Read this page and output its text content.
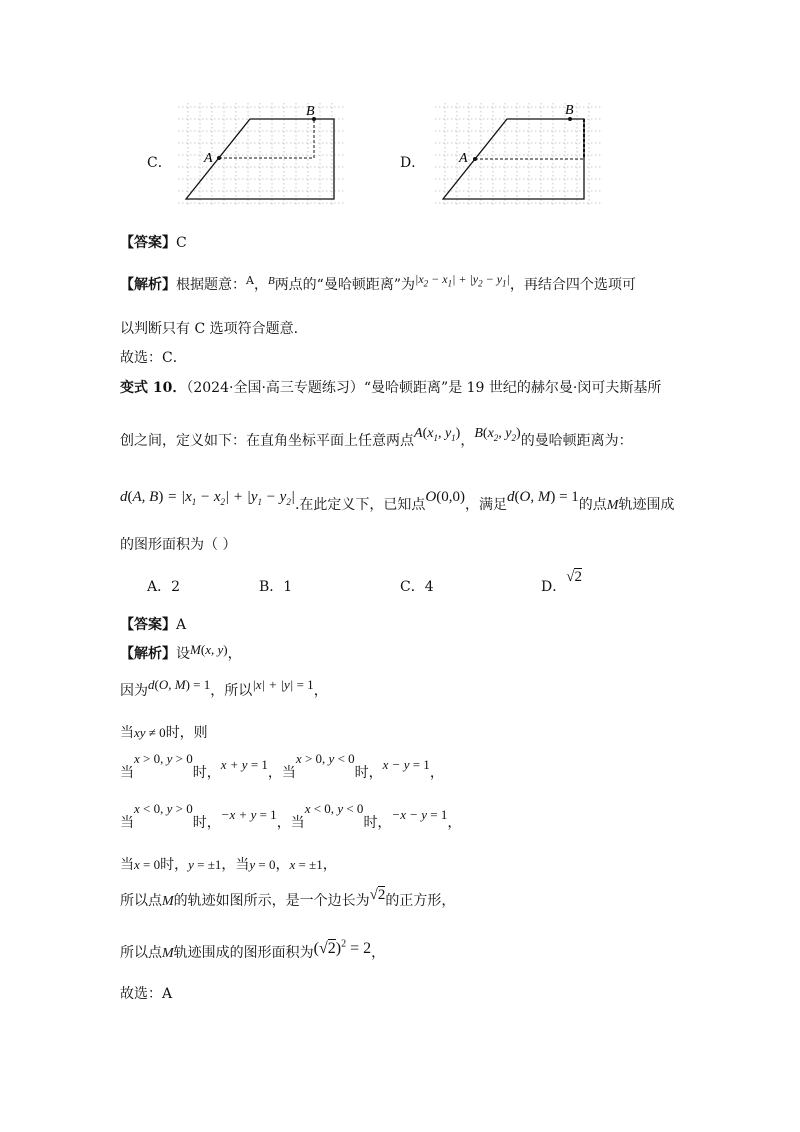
C． A
B
D． A
B
【答案】C
【解析】根据题意：$^A$，$^B$两点的“曼哈顿距离”为$|x_2 - x_1| + |y_2 - y_1|$，再结合四个选项可
以判断只有 C 选项符合题意.
故选：C．
变式 10．（2024·全国·高三专题练习）“曼哈顿距离”是 19 世纪的赫尔曼·闵可夫斯基所
创之间，定义如下：在直角坐标平面上任意两点$A(x_1$, $y_1$)，$B(x_2$, $y_2$)的曼哈顿距离为：
d(A, $B) = |x_1 - x_2| + |y_1 - y_2|$.在此定义下，已知点O(0,0)，满足d(O, M) = 1的点M轨迹围成
的图形面积为（ ）
A．2	B．1	C．4	D．√2
【答案】A
【解析】设M(x, y)，
因为d(O, M) = 1，所以|x| + |y| = 1，
当xy ≠ 0时，则
当x > 0, y > 0时，x + y = 1，当x > 0, y < 0时，x − y = 1，
当x < 0, y > 0时，−x + y = 1，当x < 0, y < 0时，−x − y = 1，
当x = 0时，y = ±1，当y = 0，x = ±1，
所以点M的轨迹如图所示，是一个边长为√2的正方形，
所以点M轨迹围成的图形面积为$(√2)^2 = 2$，
故选：A
